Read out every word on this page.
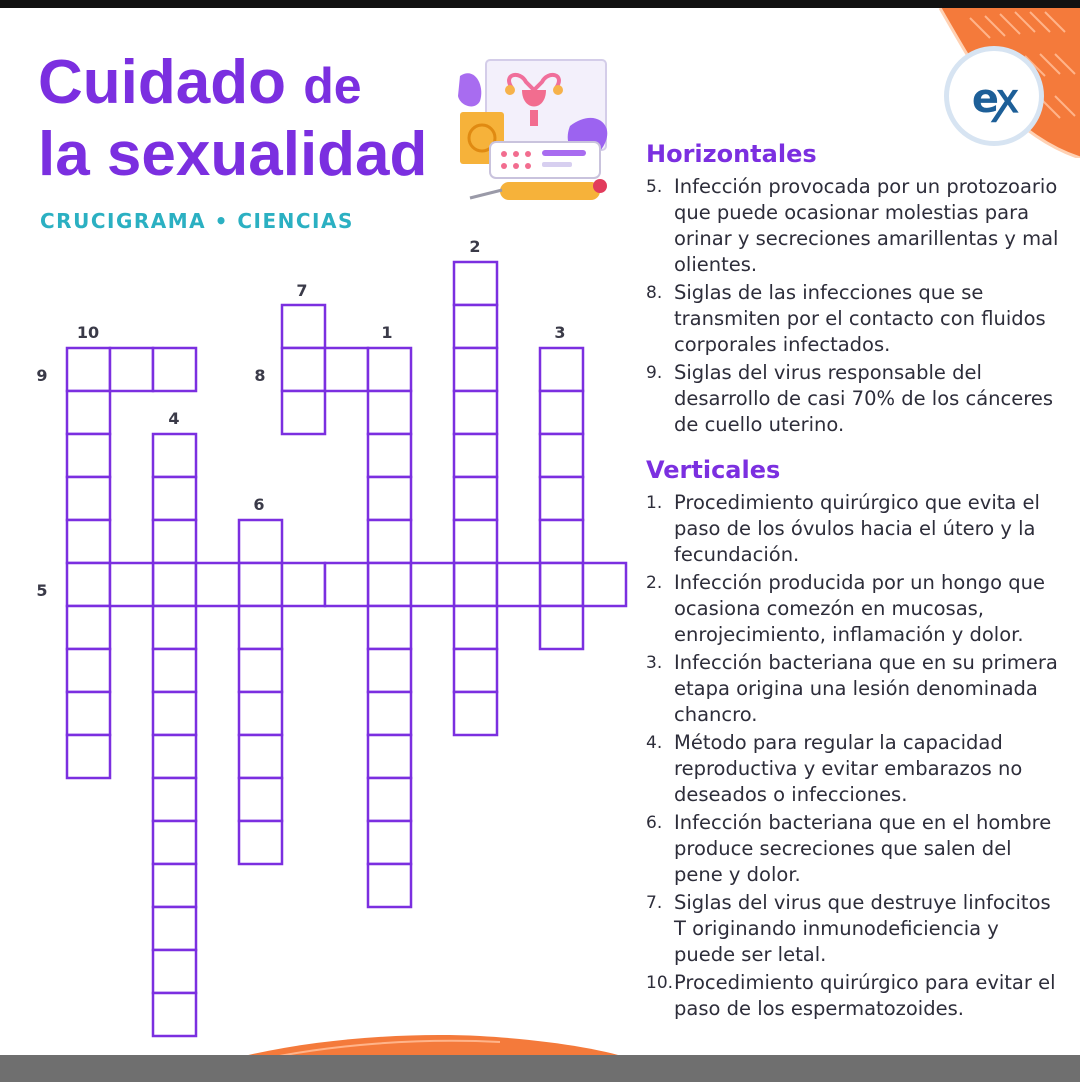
eꭗ
Cuidado de
la sexualidad
CRUCIGRAMA • CIENCIAS
2
7
10	1	3
9	8
4
6
5
Horizontales
5. Infección provocada por un protozoario que puede ocasionar molestias para orinar y secreciones amarillentas y mal olientes.
8. Siglas de las infecciones que se transmiten por el contacto con fluidos corporales infectados.
9. Siglas del virus responsable del desarrollo de casi 70% de los cánceres de cuello uterino.
Verticales
1. Procedimiento quirúrgico que evita el paso de los óvulos hacia el útero y la fecundación.
2. Infección producida por un hongo que ocasiona comezón en mucosas, enrojecimiento, inflamación y dolor.
3. Infección bacteriana que en su primera etapa origina una lesión denominada chancro.
4. Método para regular la capacidad reproductiva y evitar embarazos no deseados o infecciones.
6. Infección bacteriana que en el hombre produce secreciones que salen del pene y dolor.
7. Siglas del virus que destruye linfocitos T originando inmunodeficiencia y puede ser letal.
10. Procedimiento quirúrgico para evitar el paso de los espermatozoides.
